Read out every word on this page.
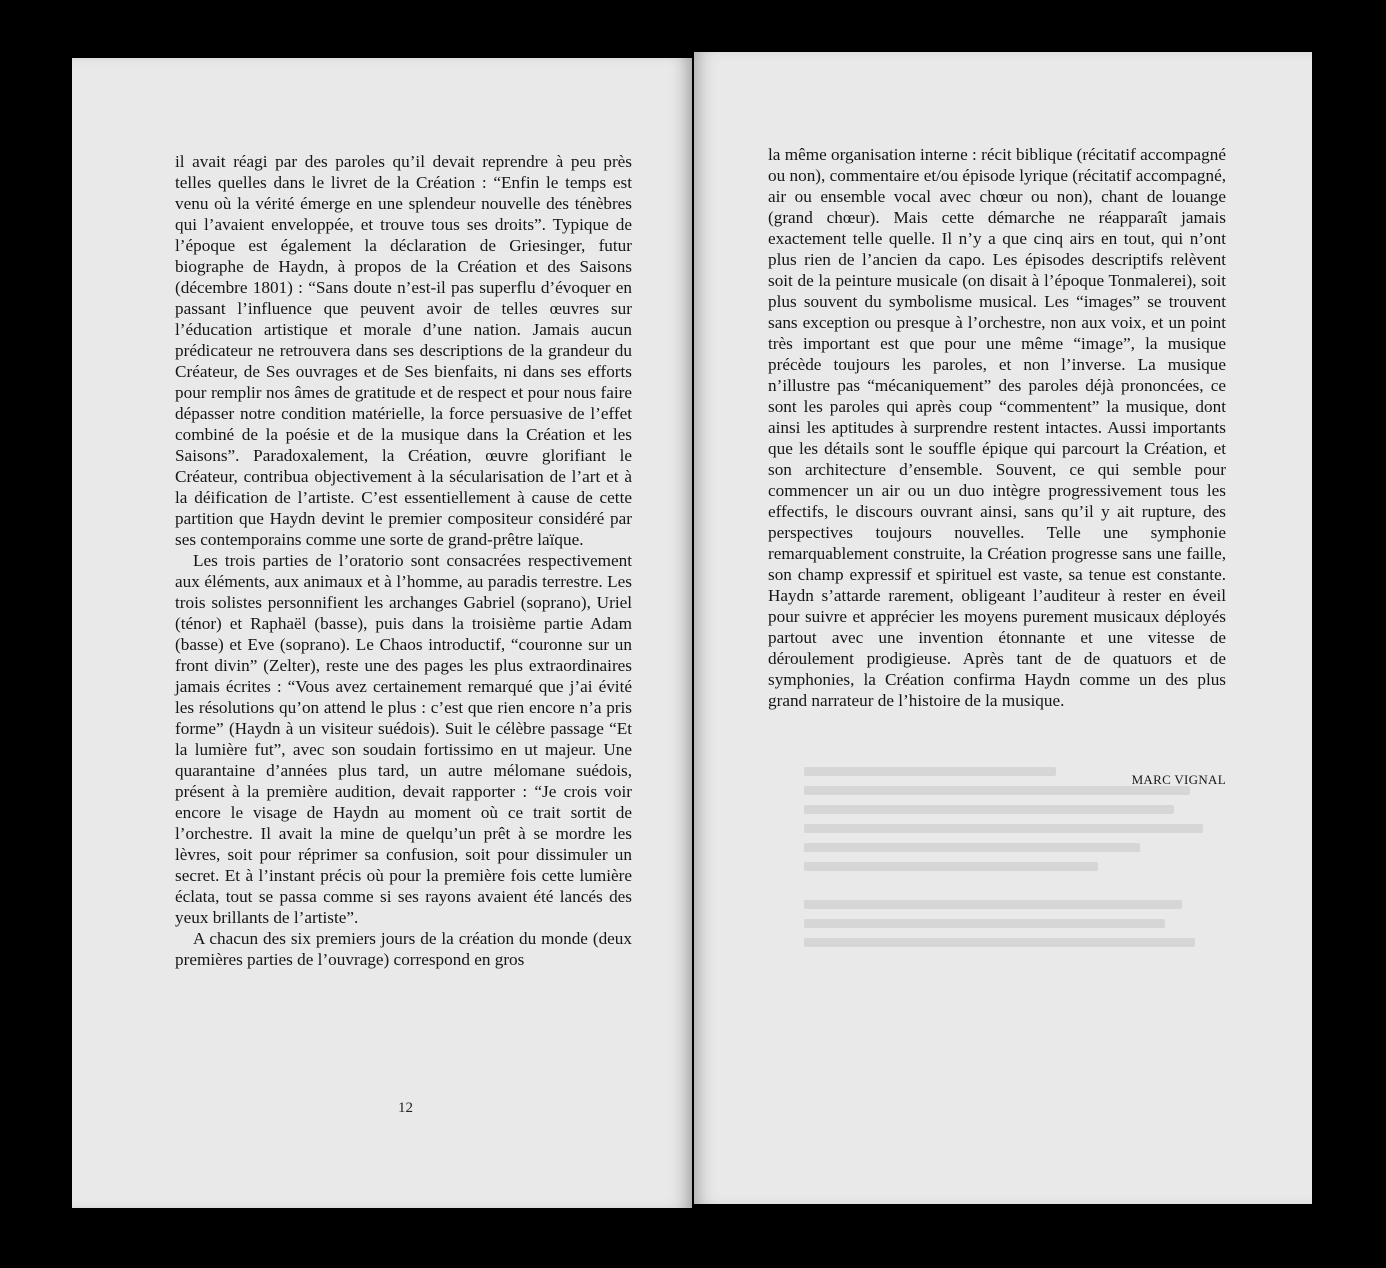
il avait réagi par des paroles qu’il devait reprendre à peu près telles quelles dans le livret de la Création : “Enfin le temps est venu où la vérité émerge en une splendeur nouvelle des ténèbres qui l’avaient enveloppée, et trouve tous ses droits”. Typique de l’époque est également la déclaration de Griesinger, futur biographe de Haydn, à propos de la Création et des Saisons (décembre 1801) : “Sans doute n’est-il pas superflu d’évoquer en passant l’influence que peuvent avoir de telles œuvres sur l’éducation artistique et morale d’une nation. Jamais aucun prédicateur ne retrouvera dans ses descriptions de la grandeur du Créateur, de Ses ouvrages et de Ses bienfaits, ni dans ses efforts pour remplir nos âmes de gratitude et de respect et pour nous faire dépasser notre condition matérielle, la force persuasive de l’effet combiné de la poésie et de la musique dans la Création et les Saisons”. Paradoxalement, la Création, œuvre glorifiant le Créateur, contribua objectivement à la sécularisation de l’art et à la déification de l’artiste. C’est essentiellement à cause de cette partition que Haydn devint le premier compositeur considéré par ses contemporains comme une sorte de grand-prêtre laïque.

Les trois parties de l’oratorio sont consacrées respectivement aux éléments, aux animaux et à l’homme, au paradis terrestre. Les trois solistes personnifient les archanges Gabriel (soprano), Uriel (ténor) et Raphaël (basse), puis dans la troisième partie Adam (basse) et Eve (soprano). Le Chaos introductif, “couronne sur un front divin” (Zelter), reste une des pages les plus extraordinaires jamais écrites : “Vous avez certainement remarqué que j’ai évité les résolutions qu’on attend le plus : c’est que rien encore n’a pris forme” (Haydn à un visiteur suédois). Suit le célèbre passage “Et la lumière fut”, avec son soudain fortissimo en ut majeur. Une quarantaine d’années plus tard, un autre mélomane suédois, présent à la première audition, devait rapporter : “Je crois voir encore le visage de Haydn au moment où ce trait sortit de l’orchestre. Il avait la mine de quelqu’un prêt à se mordre les lèvres, soit pour réprimer sa confusion, soit pour dissimuler un secret. Et à l’instant précis où pour la première fois cette lumière éclata, tout se passa comme si ses rayons avaient été lancés des yeux brillants de l’artiste”.

A chacun des six premiers jours de la création du monde (deux premières parties de l’ouvrage) correspond en gros

12

la même organisation interne : récit biblique (récitatif accompagné ou non), commentaire et/ou épisode lyrique (récitatif accompagné, air ou ensemble vocal avec chœur ou non), chant de louange (grand chœur). Mais cette démarche ne réapparaît jamais exactement telle quelle. Il n’y a que cinq airs en tout, qui n’ont plus rien de l’ancien da capo. Les épisodes descriptifs relèvent soit de la peinture musicale (on disait à l’époque Tonmalerei), soit plus souvent du symbolisme musical. Les “images” se trouvent sans exception ou presque à l’orchestre, non aux voix, et un point très important est que pour une même “image”, la musique précède toujours les paroles, et non l’inverse. La musique n’illustre pas “mécaniquement” des paroles déjà prononcées, ce sont les paroles qui après coup “commentent” la musique, dont ainsi les aptitudes à surprendre restent intactes. Aussi importants que les détails sont le souffle épique qui parcourt la Création, et son architecture d’ensemble. Souvent, ce qui semble pour commencer un air ou un duo intègre progressivement tous les effectifs, le discours ouvrant ainsi, sans qu’il y ait rupture, des perspectives toujours nouvelles. Telle une symphonie remarquablement construite, la Création progresse sans une faille, son champ expressif et spirituel est vaste, sa tenue est constante. Haydn s’attarde rarement, obligeant l’auditeur à rester en éveil pour suivre et apprécier les moyens purement musicaux déployés partout avec une invention étonnante et une vitesse de déroulement prodigieuse. Après tant de de quatuors et de symphonies, la Création confirma Haydn comme un des plus grand narrateur de l’histoire de la musique.

MARC VIGNAL
